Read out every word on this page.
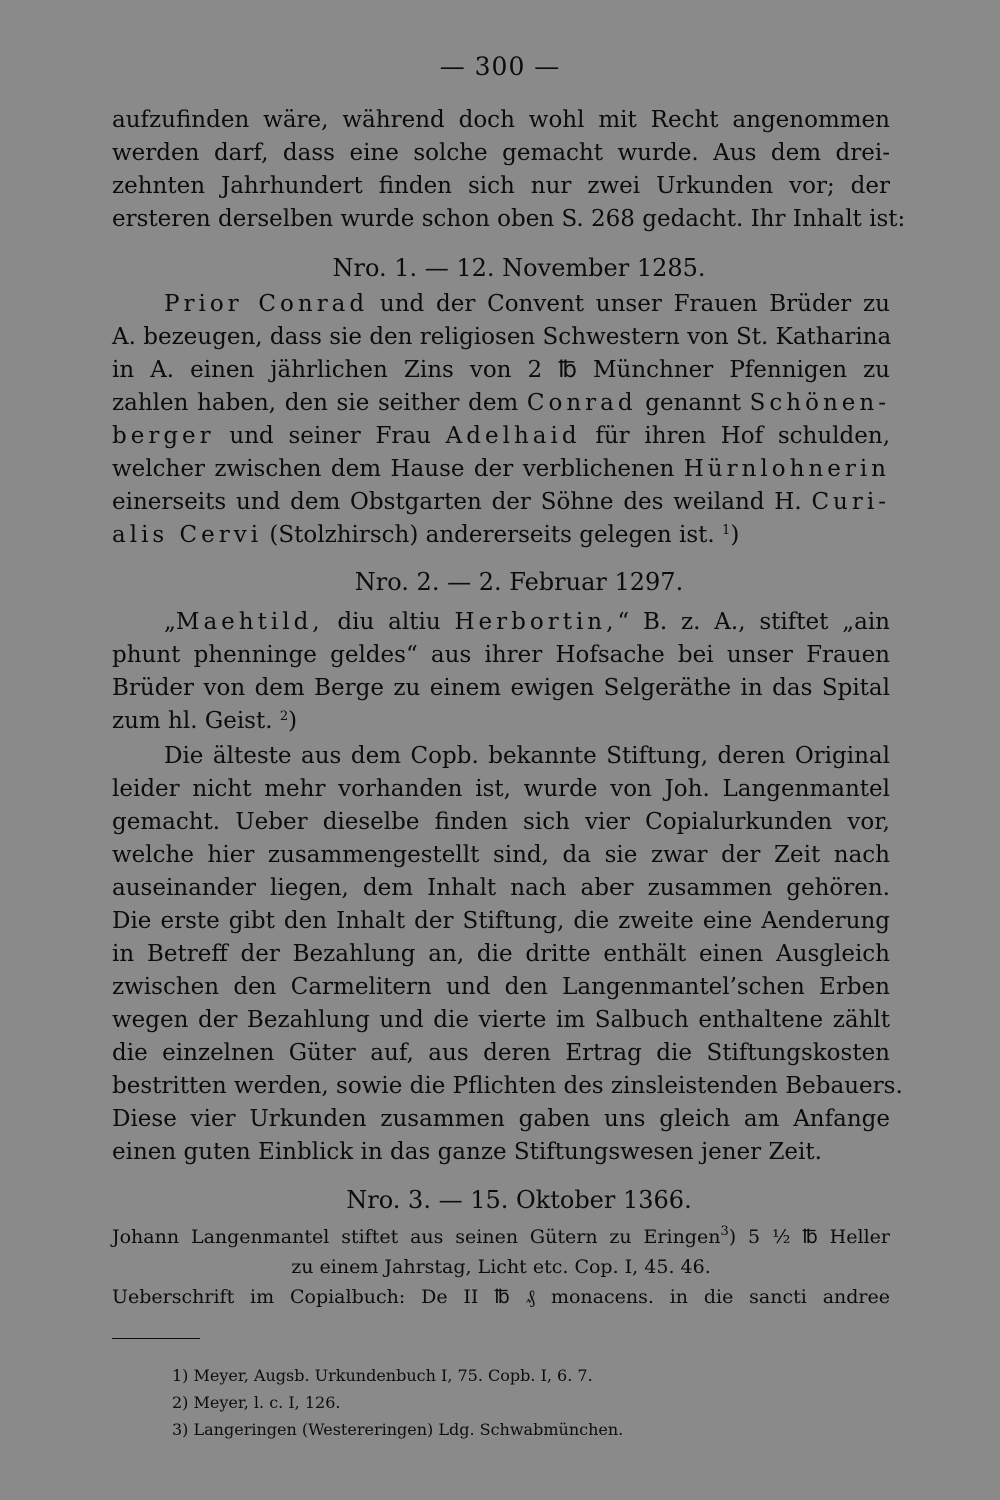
— 300 —
aufzufinden wäre, während doch wohl mit Recht angenommen
werden darf, dass eine solche gemacht wurde. Aus dem drei-
zehnten Jahrhundert finden sich nur zwei Urkunden vor; der
ersteren derselben wurde schon oben S. 268 gedacht. Ihr Inhalt ist:
Nro. 1. — 12. November 1285.
Prior Conrad und der Convent unser Frauen Brüder zu
A. bezeugen, dass sie den religiosen Schwestern von St. Katharina
in A. einen jährlichen Zins von 2 ℔ Münchner Pfennigen zu
zahlen haben, den sie seither dem Conrad genannt Schönen-
berger und seiner Frau Adelhaid für ihren Hof schulden,
welcher zwischen dem Hause der verblichenen Hürnlohnerin
einerseits und dem Obstgarten der Söhne des weiland H. Curi-
alis Cervi (Stolzhirsch) andererseits gelegen ist. $^1$)
Nro. 2. — 2. Februar 1297.
„Maehtild, diu altiu Herbortin,“ B. z. A., stiftet „ain
phunt phenninge geldes“ aus ihrer Hofsache bei unser Frauen
Brüder von dem Berge zu einem ewigen Selgeräthe in das Spital
zum hl. Geist. $^2$)
Die älteste aus dem Copb. bekannte Stiftung, deren Original
leider nicht mehr vorhanden ist, wurde von Joh. Langenmantel
gemacht. Ueber dieselbe finden sich vier Copialurkunden vor,
welche hier zusammengestellt sind, da sie zwar der Zeit nach
auseinander liegen, dem Inhalt nach aber zusammen gehören.
Die erste gibt den Inhalt der Stiftung, die zweite eine Aenderung
in Betreff der Bezahlung an, die dritte enthält einen Ausgleich
zwischen den Carmelitern und den Langenmantel’schen Erben
wegen der Bezahlung und die vierte im Salbuch enthaltene zählt
die einzelnen Güter auf, aus deren Ertrag die Stiftungskosten
bestritten werden, sowie die Pflichten des zinsleistenden Bebauers.
Diese vier Urkunden zusammen gaben uns gleich am Anfange
einen guten Einblick in das ganze Stiftungswesen jener Zeit.
Nro. 3. — 15. Oktober 1366.
Johann Langenmantel stiftet aus seinen Gütern zu Eringen$^3$) 5 ½ ℔ Heller
zu einem Jahrstag, Licht etc. Cop. I, 45. 46.
Ueberschrift im Copialbuch: De II ℔ ₰ monacens. in die sancti andree
1) Meyer, Augsb. Urkundenbuch I, 75. Copb. I, 6. 7.
2) Meyer, l. c. I, 126.
3) Langeringen (Westereringen) Ldg. Schwabmünchen.
